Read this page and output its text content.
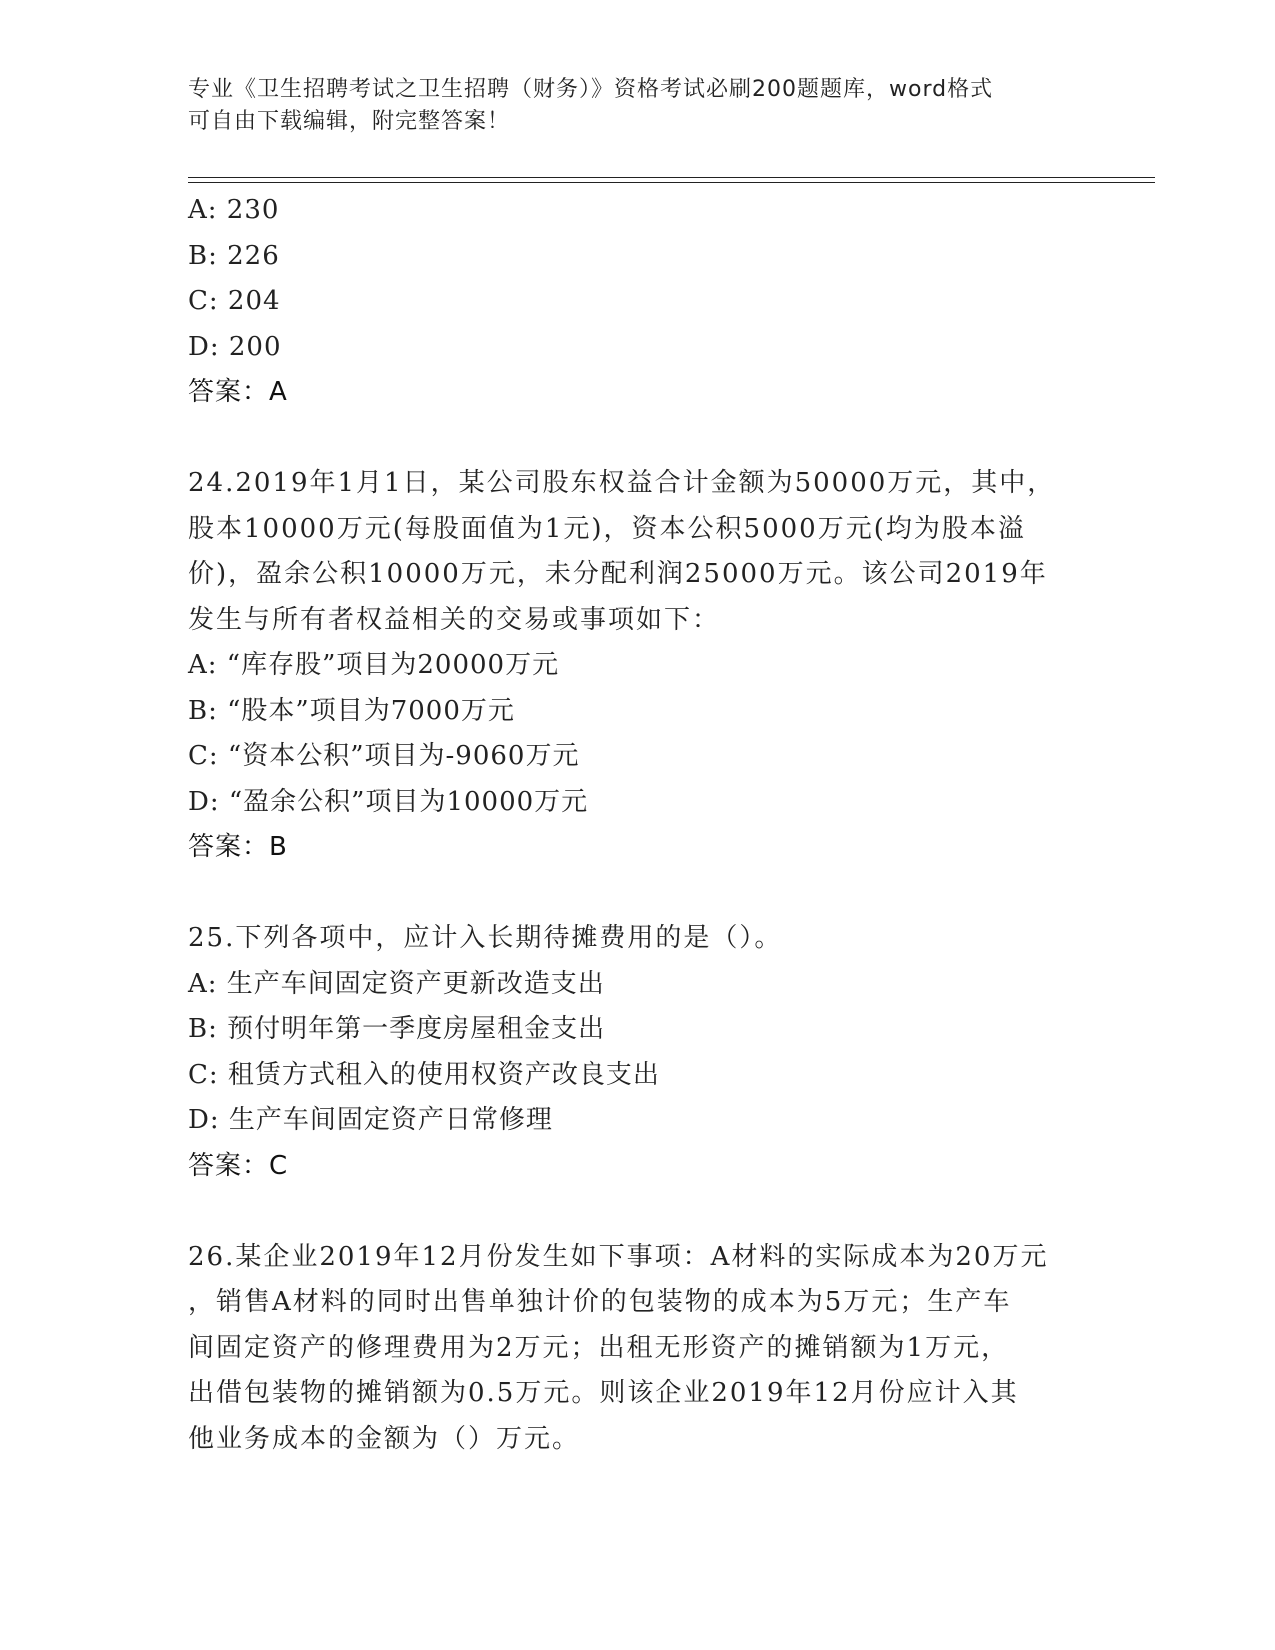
专业《卫生招聘考试之卫生招聘（财务）》资格考试必刷200题题库，word格式
可自由下载编辑，附完整答案！
A: 230
B: 226
C: 204
D: 200
答案：A
24.2019年1月1日，某公司股东权益合计金额为50000万元，其中，
股本10000万元(每股面值为1元)，资本公积5000万元(均为股本溢
价)，盈余公积10000万元，未分配利润25000万元。该公司2019年
发生与所有者权益相关的交易或事项如下：
A: “库存股”项目为20000万元
B: “股本”项目为7000万元
C: “资本公积”项目为-9060万元
D: “盈余公积”项目为10000万元
答案：B
25.下列各项中，应计入长期待摊费用的是（）。
A: 生产车间固定资产更新改造支出
B: 预付明年第一季度房屋租金支出
C: 租赁方式租入的使用权资产改良支出
D: 生产车间固定资产日常修理
答案：C
26.某企业2019年12月份发生如下事项：A材料的实际成本为20万元
，销售A材料的同时出售单独计价的包装物的成本为5万元；生产车
间固定资产的修理费用为2万元；出租无形资产的摊销额为1万元，
出借包装物的摊销额为0.5万元。则该企业2019年12月份应计入其
他业务成本的金额为（）万元。
